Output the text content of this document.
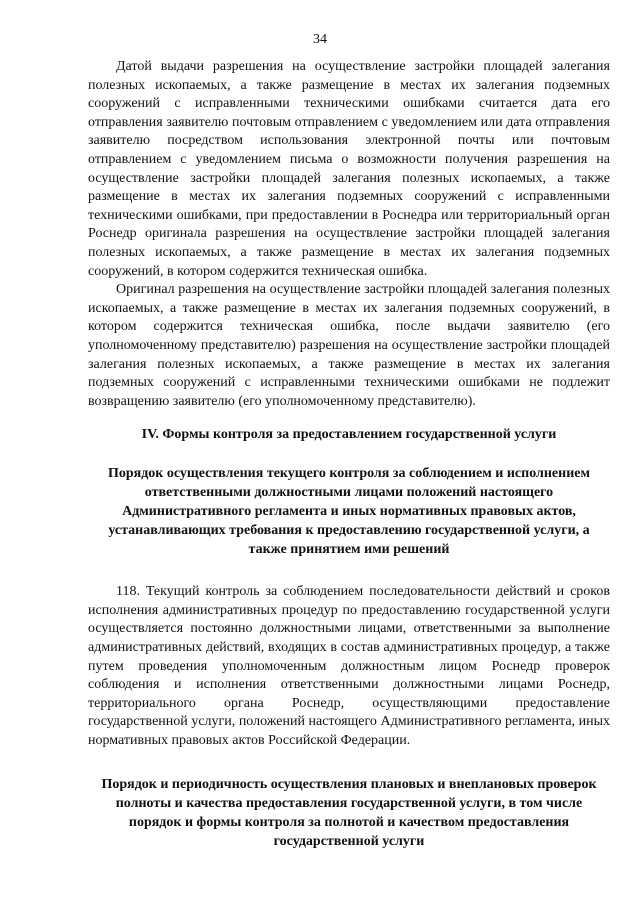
34

Датой выдачи разрешения на осуществление застройки площадей залегания полезных ископаемых, а также размещение в местах их залегания подземных сооружений с исправленными техническими ошибками считается дата его отправления заявителю почтовым отправлением с уведомлением или дата отправления заявителю посредством использования электронной почты или почтовым отправлением с уведомлением письма о возможности получения разрешения на осуществление застройки площадей залегания полезных ископаемых, а также размещение в местах их залегания подземных сооружений с исправленными техническими ошибками, при предоставлении в Роснедра или территориальный орган Роснедр оригинала разрешения на осуществление застройки площадей залегания полезных ископаемых, а также размещение в местах их залегания подземных сооружений, в котором содержится техническая ошибка.

Оригинал разрешения на осуществление застройки площадей залегания полезных ископаемых, а также размещение в местах их залегания подземных сооружений, в котором содержится техническая ошибка, после выдачи заявителю (его уполномоченному представителю) разрешения на осуществление застройки площадей залегания полезных ископаемых, а также размещение в местах их залегания подземных сооружений с исправленными техническими ошибками не подлежит возвращению заявителю (его уполномоченному представителю).

IV. Формы контроля за предоставлением государственной услуги
Порядок осуществления текущего контроля за соблюдением и исполнением ответственными должностными лицами положений настоящего Административного регламента и иных нормативных правовых актов, устанавливающих требования к предоставлению государственной услуги, а также принятием ими решений

118. Текущий контроль за соблюдением последовательности действий и сроков исполнения административных процедур по предоставлению государственной услуги осуществляется постоянно должностными лицами, ответственными за выполнение административных действий, входящих в состав административных процедур, а также путем проведения уполномоченным должностным лицом Роснедр проверок соблюдения и исполнения ответственными должностными лицами Роснедр, территориального органа Роснедр, осуществляющими предоставление государственной услуги, положений настоящего Административного регламента, иных нормативных правовых актов Российской Федерации.

Порядок и периодичность осуществления плановых и внеплановых проверок полноты и качества предоставления государственной услуги, в том числе порядок и формы контроля за полнотой и качеством предоставления государственной услуги
